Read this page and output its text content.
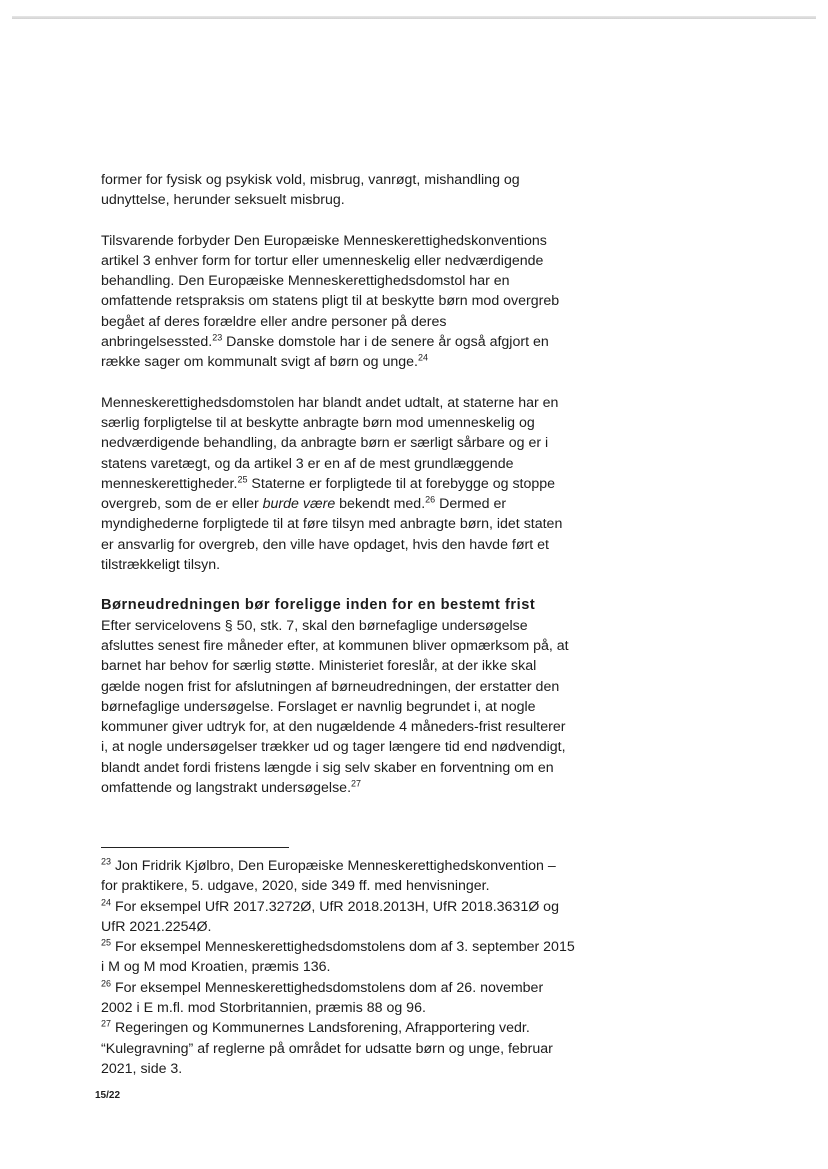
former for fysisk og psykisk vold, misbrug, vanrøgt, mishandling og udnyttelse, herunder seksuelt misbrug.

Tilsvarende forbyder Den Europæiske Menneskerettighedskonventions artikel 3 enhver form for tortur eller umenneskelig eller nedværdigende behandling. Den Europæiske Menneskerettighedsdomstol har en omfattende retspraksis om statens pligt til at beskytte børn mod overgreb begået af deres forældre eller andre personer på deres anbringelsessted.$^{23}$ Danske domstole har i de senere år også afgjort en række sager om kommunalt svigt af børn og unge.$^{24}$

Menneskerettighedsdomstolen har blandt andet udtalt, at staterne har en særlig forpligtelse til at beskytte anbragte børn mod umenneskelig og nedværdigende behandling, da anbragte børn er særligt sårbare og er i statens varetægt, og da artikel 3 er en af de mest grundlæggende menneskerettigheder.$^{25}$ Staterne er forpligtede til at forebygge og stoppe overgreb, som de er eller burde være bekendt med.$^{26}$ Dermed er myndighederne forpligtede til at føre tilsyn med anbragte børn, idet staten er ansvarlig for overgreb, den ville have opdaget, hvis den havde ført et tilstrækkeligt tilsyn.

Børneudredningen bør foreligge inden for en bestemt frist

Efter servicelovens § 50, stk. 7, skal den børnefaglige undersøgelse afsluttes senest fire måneder efter, at kommunen bliver opmærksom på, at barnet har behov for særlig støtte. Ministeriet foreslår, at der ikke skal gælde nogen frist for afslutningen af børneudredningen, der erstatter den børnefaglige undersøgelse. Forslaget er navnlig begrundet i, at nogle kommuner giver udtryk for, at den nugældende 4 måneders-frist resulterer i, at nogle undersøgelser trækker ud og tager længere tid end nødvendigt, blandt andet fordi fristens længde i sig selv skaber en forventning om en omfattende og langstrakt undersøgelse.$^{27}$

$^{23}$ Jon Fridrik Kjølbro, Den Europæiske Menneskerettighedskonvention – for praktikere, 5. udgave, 2020, side 349 ff. med henvisninger.

$^{24}$ For eksempel UfR 2017.3272Ø, UfR 2018.2013H, UfR 2018.3631Ø og UfR 2021.2254Ø.

$^{25}$ For eksempel Menneskerettighedsdomstolens dom af 3. september 2015 i M og M mod Kroatien, præmis 136.

$^{26}$ For eksempel Menneskerettighedsdomstolens dom af 26. november 2002 i E m.fl. mod Storbritannien, præmis 88 og 96.

$^{27}$ Regeringen og Kommunernes Landsforening, Afrapportering vedr. “Kulegravning” af reglerne på området for udsatte børn og unge, februar 2021, side 3.

15/22
